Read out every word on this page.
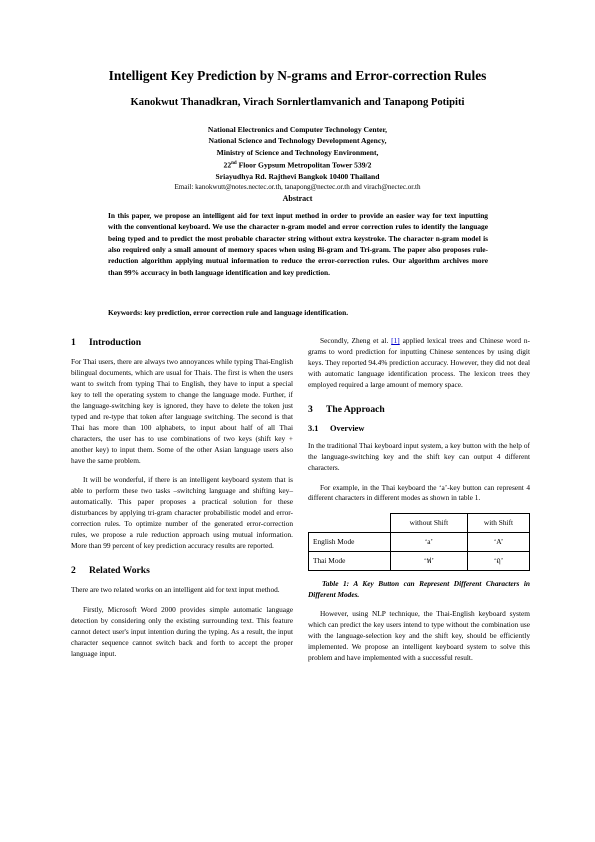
Intelligent Key Prediction by N-grams and Error-correction Rules
Kanokwut Thanadkran, Virach Sornlertlamvanich and Tanapong Potipiti
National Electronics and Computer Technology Center,
National Science and Technology Development Agency,
Ministry of Science and Technology Environment,
22nd Floor Gypsum Metropolitan Tower 539/2
Sriayudhya Rd. Rajthevi Bangkok 10400 Thailand
Email: kanokwutt@notes.nectec.or.th, tanapong@nectec.or.th and virach@nectec.or.th
Abstract
In this paper, we propose an intelligent aid for text input method in order to provide an easier way for text inputting with the conventional keyboard. We use the character n-gram model and error correction rules to identify the language being typed and to predict the most probable character string without extra keystroke. The character n-gram model is also required only a small amount of memory spaces when using Bi-gram and Tri-gram. The paper also proposes rule-reduction algorithm applying mutual information to reduce the error-correction rules. Our algorithm archives more than 99% accuracy in both language identification and key prediction.
Keywords: key prediction, error correction rule and language identification.
1	Introduction

For Thai users, there are always two annoyances while typing Thai-English bilingual documents, which are usual for Thais. The first is when the users want to switch from typing Thai to English, they have to input a special key to tell the operating system to change the language mode. Further, if the language-switching key is ignored, they have to delete the token just typed and re-type that token after language switching. The second is that Thai has more than 100 alphabets, to input about half of all Thai characters, the user has to use combinations of two keys (shift key + another key) to input them. Some of the other Asian language users also have the same problem.

It will be wonderful, if there is an intelligent keyboard system that is able to perform these two tasks –switching language and shifting key– automatically. This paper proposes a practical solution for these disturbances by applying tri-gram character probabilistic model and error-correction rules. To optimize number of the generated error-correction rules, we propose a rule reduction approach using mutual information. More than 99 percent of key prediction accuracy results are reported.

2	Related Works

There are two related works on an intelligent aid for text input method.

Firstly, Microsoft Word 2000 provides simple automatic language detection by considering only the existing surrounding text. This feature cannot detect user's input intention during the typing. As a result, the input character sequence cannot switch back and forth to accept the proper language input.

Secondly, Zheng et al. [1] applied lexical trees and Chinese word n-grams to word prediction for inputting Chinese sentences by using digit keys. They reported 94.4% prediction accuracy. However, they did not deal with automatic language identification process. The lexicon trees they employed required a large amount of memory space.

3	The Approach
3.1	Overview

In the traditional Thai keyboard input system, a key button with the help of the language-switching key and the shift key can output 4 different characters.

For example, in the Thai keyboard the ‘a’-key button can represent 4 different characters in different modes as shown in table 1.

	without Shift	with Shift
English Mode	‘a’	‘A’
Thai Mode	‘ฟ’	‘ฤ’
Table 1: A Key Button can Represent Different Characters in Different Modes.

However, using NLP technique, the Thai-English keyboard system which can predict the key users intend to type without the combination use with the language-selection key and the shift key, should be efficiently implemented. We propose an intelligent keyboard system to solve this problem and have implemented with a successful result.
